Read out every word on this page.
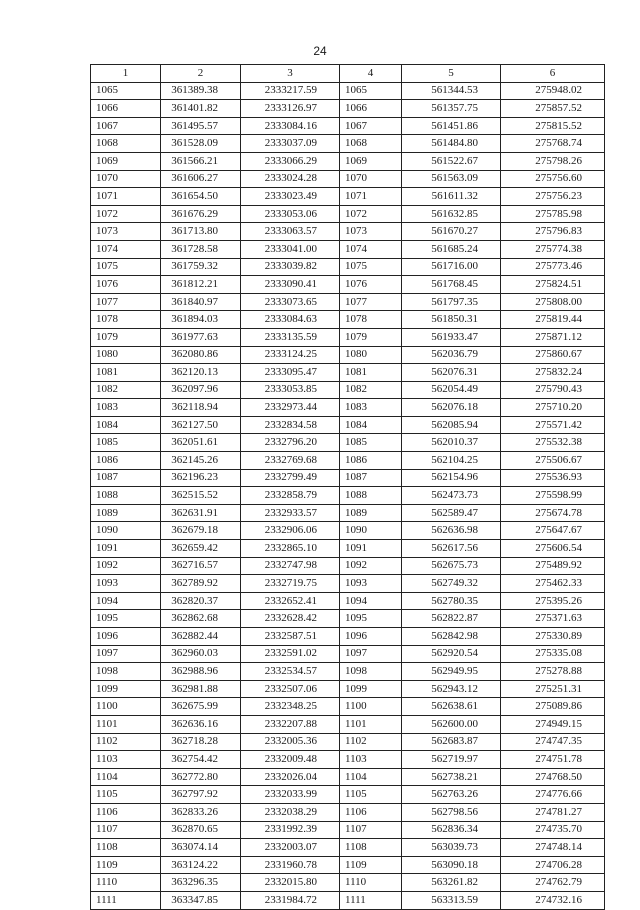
24
1	2	3	4	5	6
1065	361389.38	2333217.59	1065	561344.53	275948.02
1066	361401.82	2333126.97	1066	561357.75	275857.52
1067	361495.57	2333084.16	1067	561451.86	275815.52
1068	361528.09	2333037.09	1068	561484.80	275768.74
1069	361566.21	2333066.29	1069	561522.67	275798.26
1070	361606.27	2333024.28	1070	561563.09	275756.60
1071	361654.50	2333023.49	1071	561611.32	275756.23
1072	361676.29	2333053.06	1072	561632.85	275785.98
1073	361713.80	2333063.57	1073	561670.27	275796.83
1074	361728.58	2333041.00	1074	561685.24	275774.38
1075	361759.32	2333039.82	1075	561716.00	275773.46
1076	361812.21	2333090.41	1076	561768.45	275824.51
1077	361840.97	2333073.65	1077	561797.35	275808.00
1078	361894.03	2333084.63	1078	561850.31	275819.44
1079	361977.63	2333135.59	1079	561933.47	275871.12
1080	362080.86	2333124.25	1080	562036.79	275860.67
1081	362120.13	2333095.47	1081	562076.31	275832.24
1082	362097.96	2333053.85	1082	562054.49	275790.43
1083	362118.94	2332973.44	1083	562076.18	275710.20
1084	362127.50	2332834.58	1084	562085.94	275571.42
1085	362051.61	2332796.20	1085	562010.37	275532.38
1086	362145.26	2332769.68	1086	562104.25	275506.67
1087	362196.23	2332799.49	1087	562154.96	275536.93
1088	362515.52	2332858.79	1088	562473.73	275598.99
1089	362631.91	2332933.57	1089	562589.47	275674.78
1090	362679.18	2332906.06	1090	562636.98	275647.67
1091	362659.42	2332865.10	1091	562617.56	275606.54
1092	362716.57	2332747.98	1092	562675.73	275489.92
1093	362789.92	2332719.75	1093	562749.32	275462.33
1094	362820.37	2332652.41	1094	562780.35	275395.26
1095	362862.68	2332628.42	1095	562822.87	275371.63
1096	362882.44	2332587.51	1096	562842.98	275330.89
1097	362960.03	2332591.02	1097	562920.54	275335.08
1098	362988.96	2332534.57	1098	562949.95	275278.88
1099	362981.88	2332507.06	1099	562943.12	275251.31
1100	362675.99	2332348.25	1100	562638.61	275089.86
1101	362636.16	2332207.88	1101	562600.00	274949.15
1102	362718.28	2332005.36	1102	562683.87	274747.35
1103	362754.42	2332009.48	1103	562719.97	274751.78
1104	362772.80	2332026.04	1104	562738.21	274768.50
1105	362797.92	2332033.99	1105	562763.26	274776.66
1106	362833.26	2332038.29	1106	562798.56	274781.27
1107	362870.65	2331992.39	1107	562836.34	274735.70
1108	363074.14	2332003.07	1108	563039.73	274748.14
1109	363124.22	2331960.78	1109	563090.18	274706.28
1110	363296.35	2332015.80	1110	563261.82	274762.79
1111	363347.85	2331984.72	1111	563313.59	274732.16
